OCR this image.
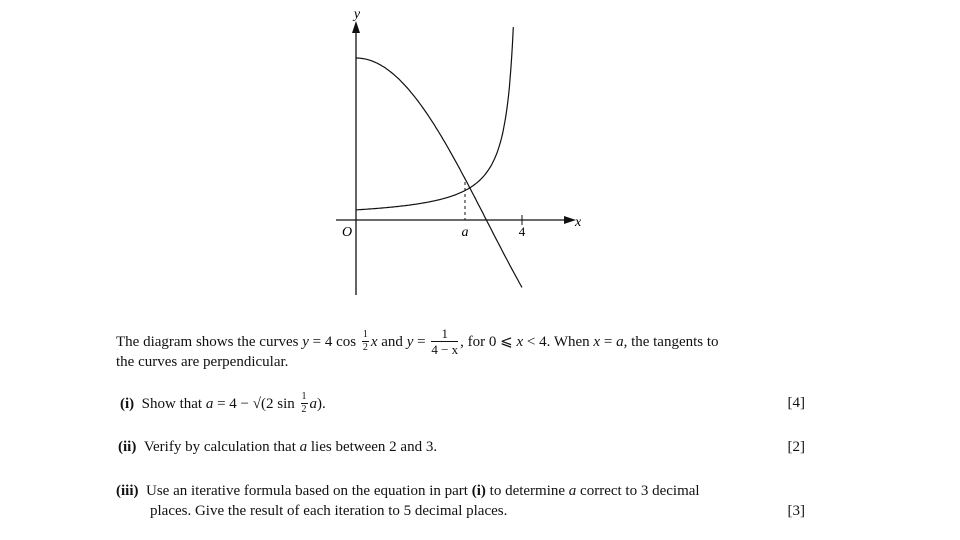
y
x
O	a	4
The diagram shows the curves y = 4 $\cos \frac{1}{2}$ x and $y = \frac{1}{4 - x}$ , for 0 ⩽ x < 4. When x = a, the tangents to
the curves are perpendicular.
(i) Show that a = 4 − √(2 $\sin \frac{1}{2} a$).	[4]
(ii) Verify by calculation that a lies between 2 and 3.	[2]
(iii) Use an iterative formula based on the equation in part (i) to determine a correct to 3 decimal
places. Give the result of each iteration to 5 decimal places.	[3]
